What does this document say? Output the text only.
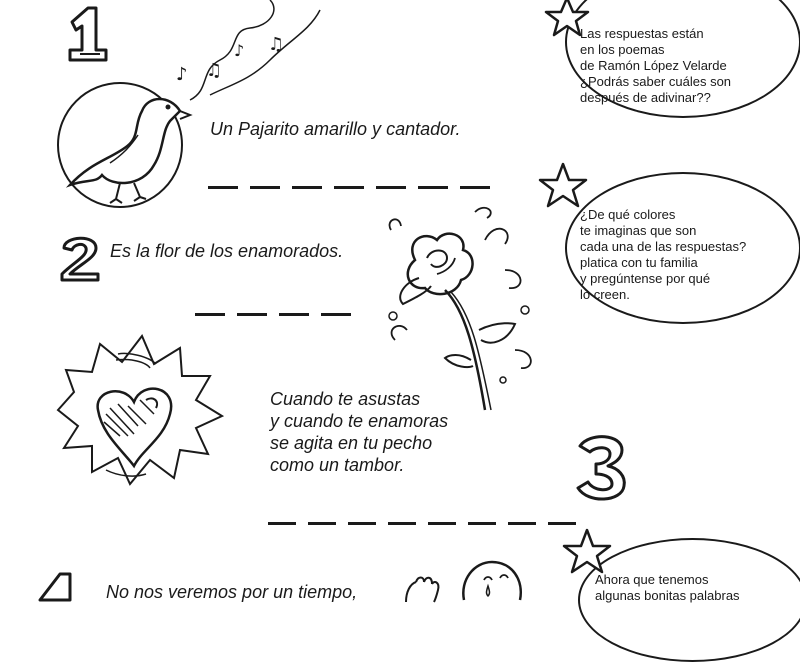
♪ ♫
♪ ♫
Un Pajarito amarillo y cantador.
Es la flor de los enamorados.
Cuando te asustas
y cuando te enamoras
se agita en tu pecho
como un tambor.
No nos veremos por un tiempo,
Las respuestas están
en los poemas
de Ramón López Velarde
¿Podrás saber cuáles son
después de adivinar??
¿De qué colores
te imaginas que son
cada una de las respuestas?
platica con tu familia
y pregúntense por qué
lo creen.
Ahora que tenemos
algunas bonitas palabras
